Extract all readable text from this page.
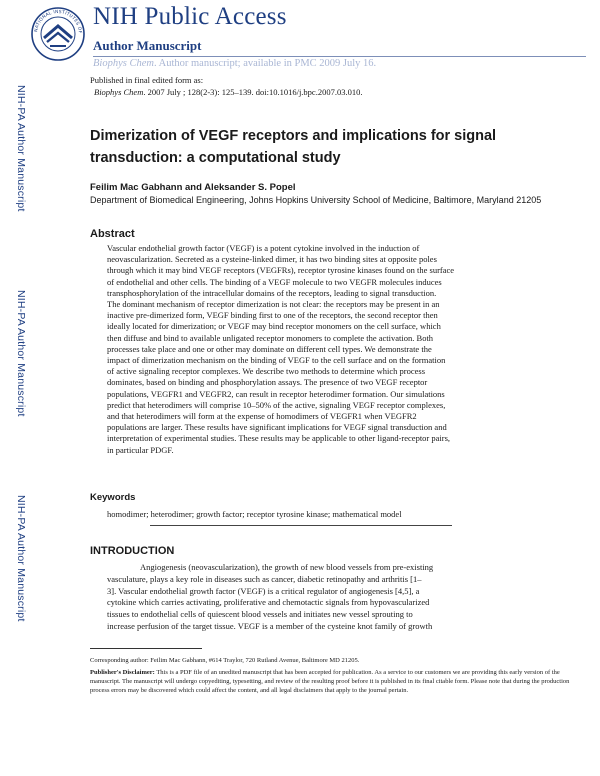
NATIONAL INSTITUTES OF
NIH Public Access
Author Manuscript
Biophys Chem. Author manuscript; available in PMC 2009 July 16.
Published in final edited form as:
Biophys Chem. 2007 July ; 128(2-3): 125–139. doi:10.1016/j.bpc.2007.03.010.
NIH-PA Author Manuscript
NIH-PA Author Manuscript
NIH-PA Author Manuscript
Dimerization of VEGF receptors and implications for signal
transduction: a computational study
Feilim Mac Gabhann and Aleksander S. Popel
Department of Biomedical Engineering, Johns Hopkins University School of Medicine, Baltimore, Maryland 21205
Abstract
Vascular endothelial growth factor (VEGF) is a potent cytokine involved in the induction of
neovascularization. Secreted as a cysteine-linked dimer, it has two binding sites at opposite poles
through which it may bind VEGF receptors (VEGFRs), receptor tyrosine kinases found on the surface
of endothelial and other cells. The binding of a VEGF molecule to two VEGFR molecules induces
transphosphorylation of the intracellular domains of the receptors, leading to signal transduction.
The dominant mechanism of receptor dimerization is not clear: the receptors may be present in an
inactive pre-dimerized form, VEGF binding first to one of the receptors, the second receptor then
ideally located for dimerization; or VEGF may bind receptor monomers on the cell surface, which
then diffuse and bind to available unligated receptor monomers to complete the activation. Both
processes take place and one or other may dominate on different cell types. We demonstrate the
impact of dimerization mechanism on the binding of VEGF to the cell surface and on the formation
of active signaling receptor complexes. We describe two methods to determine which process
dominates, based on binding and phosphorylation assays. The presence of two VEGF receptor
populations, VEGFR1 and VEGFR2, can result in receptor heterodimer formation. Our simulations
predict that heterodimers will comprise 10–50% of the active, signaling VEGF receptor complexes,
and that heterodimers will form at the expense of homodimers of VEGFR1 when VEGFR2
populations are larger. These results have significant implications for VEGF signal transduction and
interpretation of experimental studies. These results may be applicable to other ligand-receptor pairs,
in particular PDGF.
Keywords
homodimer; heterodimer; growth factor; receptor tyrosine kinase; mathematical model
INTRODUCTION
Angiogenesis (neovascularization), the growth of new blood vessels from pre-existing
vasculature, plays a key role in diseases such as cancer, diabetic retinopathy and arthritis [1–
3]. Vascular endothelial growth factor (VEGF) is a critical regulator of angiogenesis [4,5], a
cytokine which carries activating, proliferative and chemotactic signals from hypovascularized
tissues to endothelial cells of quiescent blood vessels and initiates new vessel sprouting to
increase perfusion of the target tissue. VEGF is a member of the cysteine knot family of growth
Corresponding author: Feilim Mac Gabhann, #614 Traylor, 720 Rutland Avenue, Baltimore MD 21205.
Publisher's Disclaimer: This is a PDF file of an unedited manuscript that has been accepted for publication. As a service to our customers we are providing this early version of the manuscript. The manuscript will undergo copyediting, typesetting, and review of the resulting proof before it is published in its final citable form. Please note that during the production process errors may be discovered which could affect the content, and all legal disclaimers that apply to the journal pertain.
